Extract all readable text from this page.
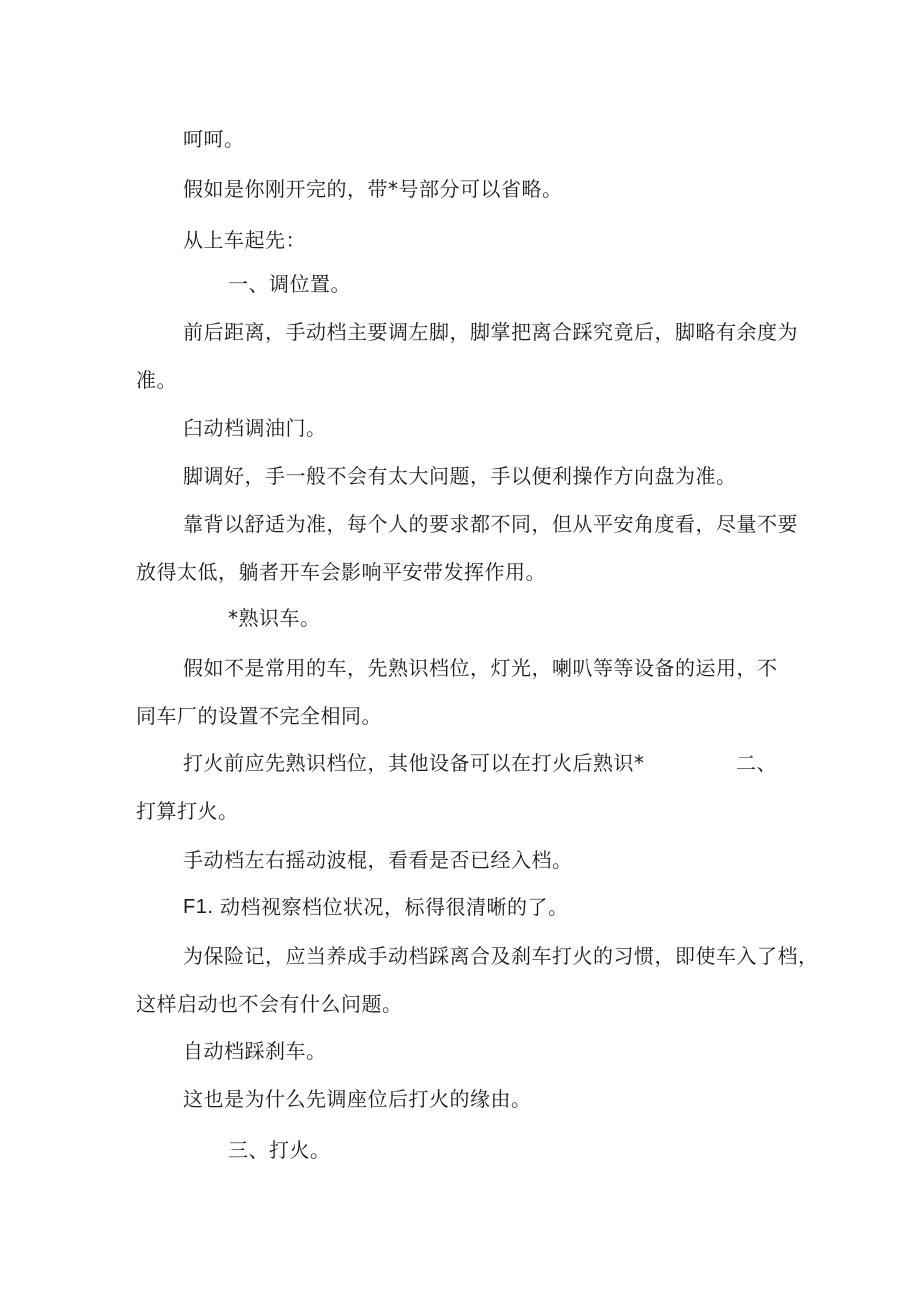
呵呵。
假如是你刚开完的，带*号部分可以省略。
从上车起先：
一、调位置。
前后距离，手动档主要调左脚，脚掌把离合踩究竟后，脚略有余度为
准。
臼动档调油门。
脚调好，手一般不会有太大问题，手以便利操作方向盘为准。
靠背以舒适为准，每个人的要求都不同，但从平安角度看，尽量不要
放得太低，躺者开车会影响平安带发挥作用。
*熟识车。
假如不是常用的车，先熟识档位，灯光，喇叭等等设备的运用，不
同车厂的设置不完全相同。
打火前应先熟识档位，其他设备可以在打火后熟识*	二、
打算打火。
手动档左右摇动波棍，看看是否已经入档。
F1. 动档视察档位状况，标得很清晰的了。
为保险记，应当养成手动档踩离合及刹车打火的习惯，即使车入了档，
这样启动也不会有什么问题。
自动档踩刹车。
这也是为什么先调座位后打火的缘由。
三、打火。
